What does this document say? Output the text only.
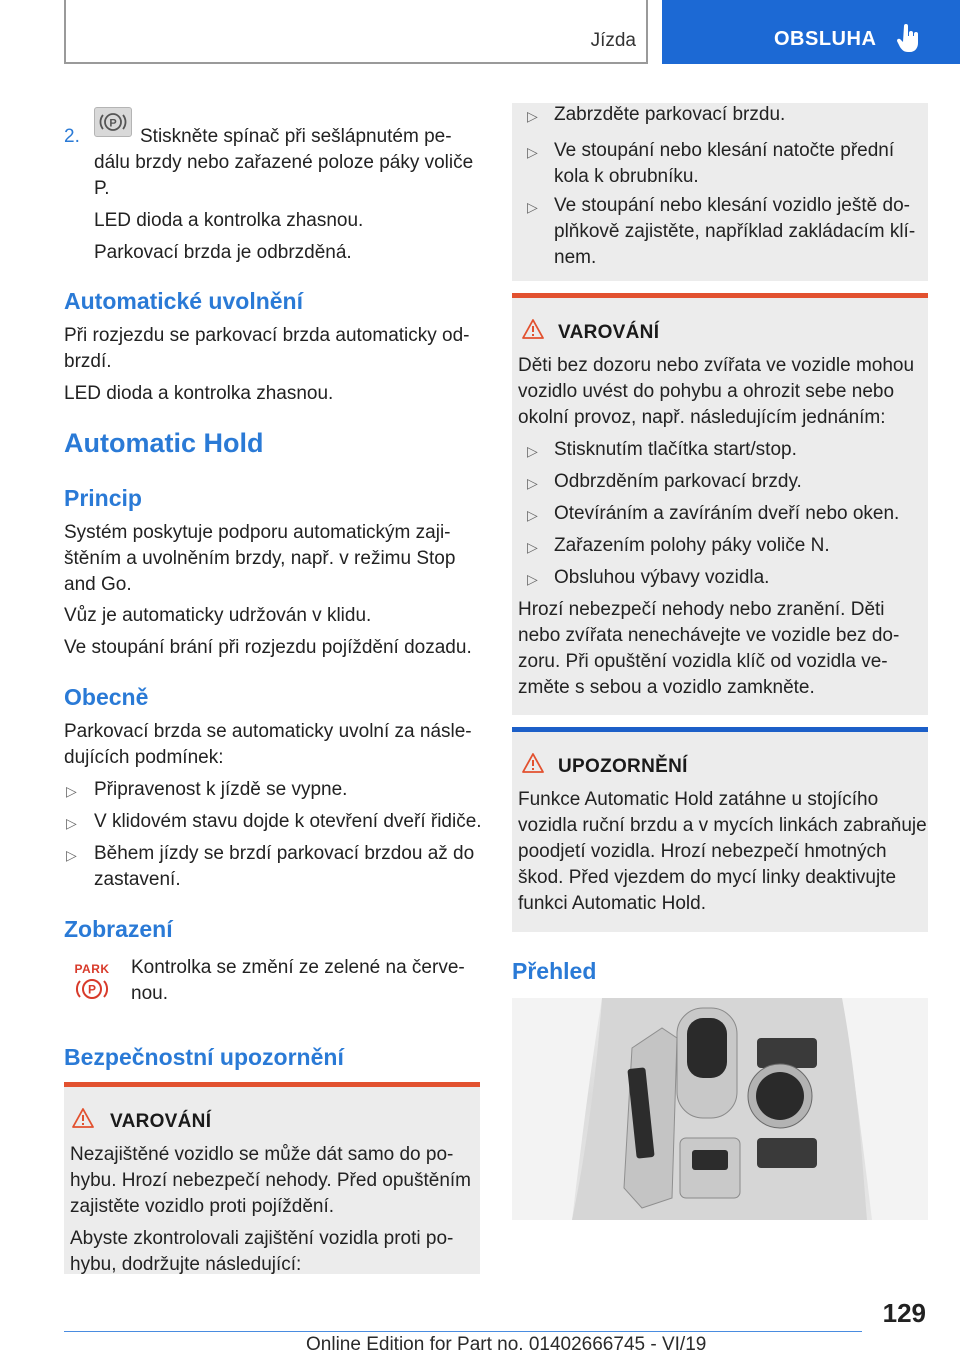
Jízda	OBSLUHA
2.
P
Stiskněte spínač při sešlápnutém pe-
dálu brzdy nebo zařazené poloze páky voliče
P.
LED dioda a kontrolka zhasnou.
Parkovací brzda je odbrzděná.
Automatické uvolnění
Při rozjezdu se parkovací brzda automaticky od-
brzdí.
LED dioda a kontrolka zhasnou.
Automatic Hold
Princip
Systém poskytuje podporu automatickým zaji-
štěním a uvolněním brzdy, např. v režimu Stop
and Go.
Vůz je automaticky udržován v klidu.
Ve stoupání brání při rozjezdu pojíždění dozadu.
Obecně
Parkovací brzda se automaticky uvolní za násle-
dujících podmínek:
▷ Připravenost k jízdě se vypne.
▷ V klidovém stavu dojde k otevření dveří řidiče.
▷ Během jízdy se brzdí parkovací brzdou až do
zastavení.
Zobrazení
PARK
P
Kontrolka se změní ze zelené na červe-
nou.
Bezpečnostní upozornění
VAROVÁNÍ
Nezajištěné vozidlo se může dát samo do po-
hybu. Hrozí nebezpečí nehody. Před opuštěním
zajistěte vozidlo proti pojíždění.
Abyste zkontrolovali zajištění vozidla proti po-
hybu, dodržujte následující:
▷ Zabrzděte parkovací brzdu.
▷ Ve stoupání nebo klesání natočte přední
kola k obrubníku.
▷ Ve stoupání nebo klesání vozidlo ještě do-
plňkově zajistěte, například zakládacím klí-
nem.
VAROVÁNÍ
Děti bez dozoru nebo zvířata ve vozidle mohou
vozidlo uvést do pohybu a ohrozit sebe nebo
okolní provoz, např. následujícím jednáním:
▷ Stisknutím tlačítka start/stop.
▷ Odbrzděním parkovací brzdy.
▷ Otevíráním a zavíráním dveří nebo oken.
▷ Zařazením polohy páky voliče N.
▷ Obsluhou výbavy vozidla.
Hrozí nebezpečí nehody nebo zranění. Děti
nebo zvířata nenechávejte ve vozidle bez do-
zoru. Při opuštění vozidla klíč od vozidla ve-
změte s sebou a vozidlo zamkněte.
UPOZORNĚNÍ
Funkce Automatic Hold zatáhne u stojícího
vozidla ruční brzdu a v mycích linkách zabraňuje
poodjetí vozidla. Hrozí nebezpečí hmotných
škod. Před vjezdem do mycí linky deaktivujte
funkci Automatic Hold.
Přehled
129
Online Edition for Part no. 01402666745 - VI/19
